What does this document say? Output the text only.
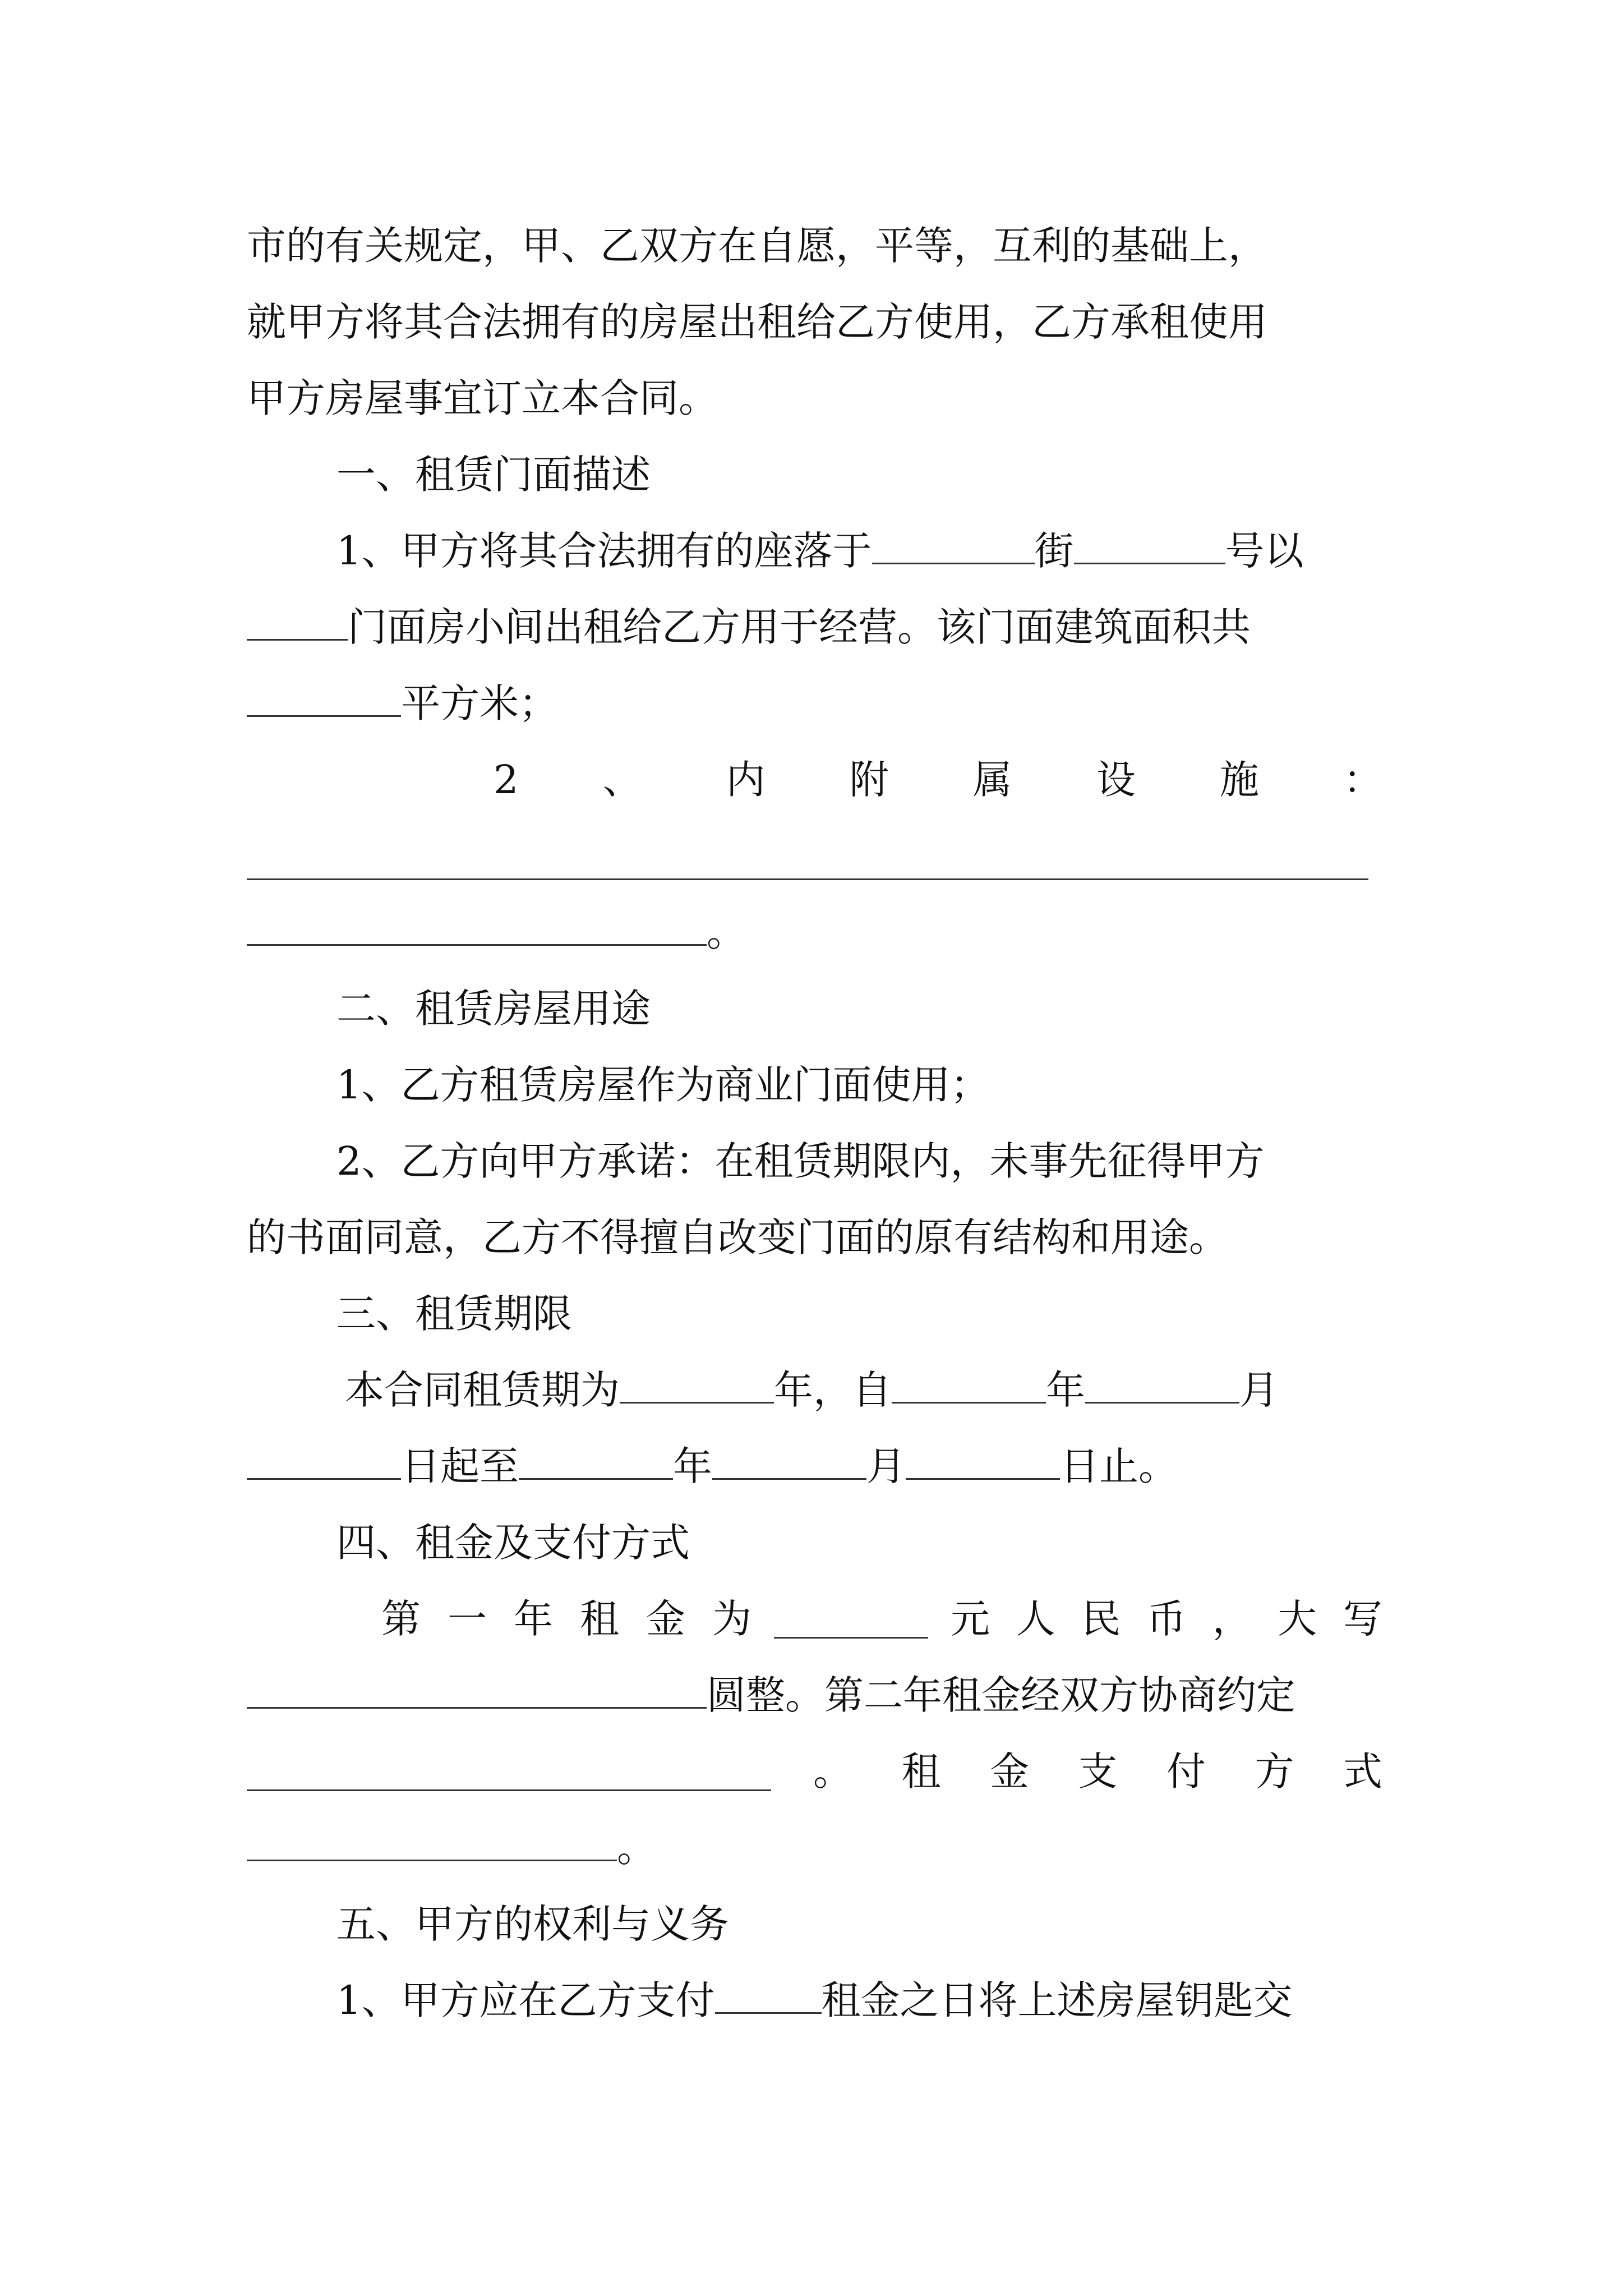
市的有关规定，甲、乙双方在自愿，平等，互利的基础上，
就甲方将其合法拥有的房屋出租给乙方使用，乙方承租使用
甲方房屋事宜订立本合同。
一、租赁门面描述
1、甲方将其合法拥有的座落于	街	号以
门面房小间出租给乙方用于经营。该门面建筑面积共
平方米；
2 、 内 附 属 设 施 ：
。
二、租赁房屋用途
1、乙方租赁房屋作为商业门面使用；
2、乙方向甲方承诺：在租赁期限内，未事先征得甲方
的书面同意，乙方不得擅自改变门面的原有结构和用途。
三、租赁期限
本合同租赁期为	年，自	年	月
日起至	年	月	日止。
四、租金及支付方式
第 一 年 租 金 为	元 人 民 币 ， 大 写
圆整。第二年租金经双方协商约定
。 租 金 支 付 方 式
。
五、甲方的权利与义务
1、甲方应在乙方支付	租金之日将上述房屋钥匙交
